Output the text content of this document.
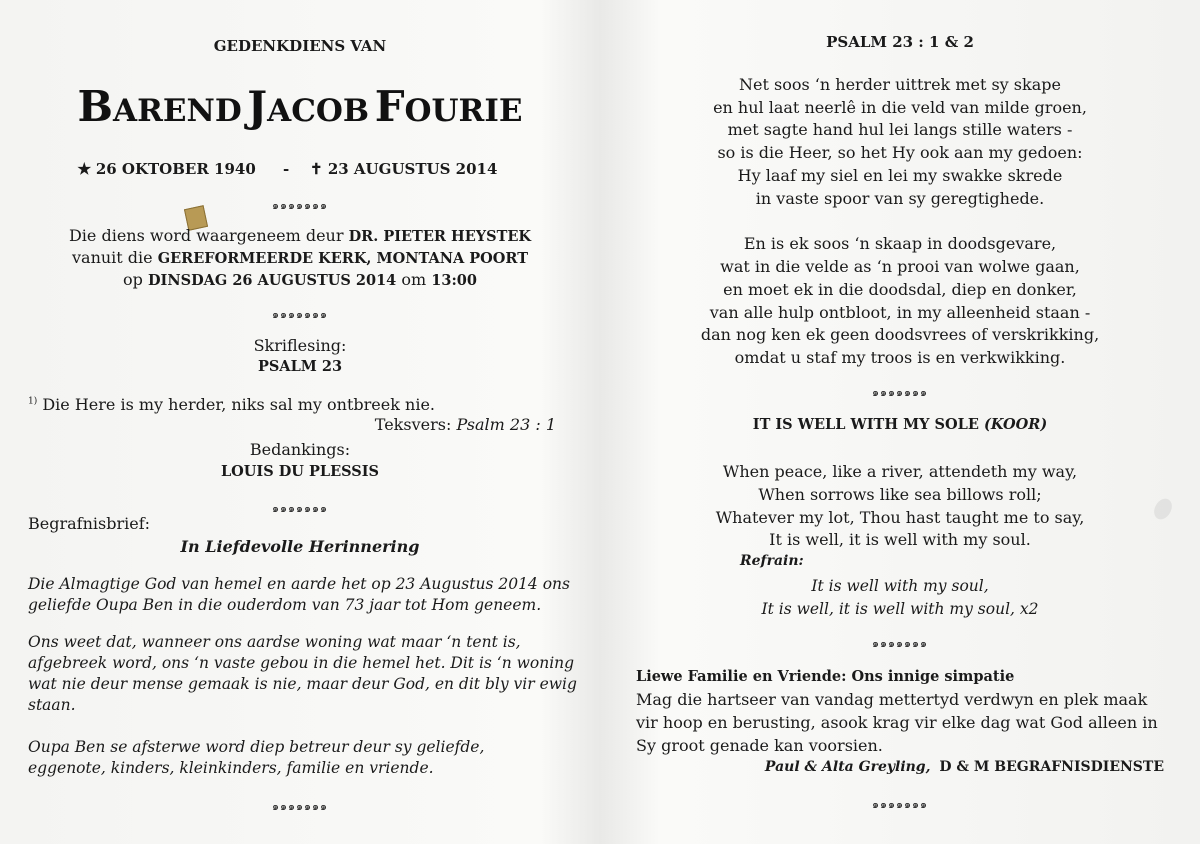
GEDENKDIENS VAN
BAREND JACOB FOURIE
✭ 26 OKTOBER 1940 - ✝ 23 AUGUSTUS 2014
๑๑๑๑๑๑๑
Die diens word waargeneem deur DR. PIETER HEYSTEK
vanuit die GEREFORMEERDE KERK, MONTANA POORT
op DINSDAG 26 AUGUSTUS 2014 om 13:00
๑๑๑๑๑๑๑
Skriflesing:
PSALM 23
$^{1)}$ Die Here is my herder, niks sal my ontbreek nie.
Teksvers: Psalm 23 : 1
Bedankings:
LOUIS DU PLESSIS
๑๑๑๑๑๑๑
Begrafnisbrief:
In Liefdevolle Herinnering
Die Almagtige God van hemel en aarde het op 23 Augustus 2014 ons
geliefde Oupa Ben in die ouderdom van 73 jaar tot Hom geneem.
Ons weet dat, wanneer ons aardse woning wat maar ‘n tent is,
afgebreek word, ons ‘n vaste gebou in die hemel het. Dit is ‘n woning
wat nie deur mense gemaak is nie, maar deur God, en dit bly vir ewig
staan.
Oupa Ben se afsterwe word diep betreur deur sy geliefde,
eggenote, kinders, kleinkinders, familie en vriende.
๑๑๑๑๑๑๑
PSALM 23 : 1 & 2
Net soos ‘n herder uittrek met sy skape
en hul laat neerlê in die veld van milde groen,
met sagte hand hul lei langs stille waters -
so is die Heer, so het Hy ook aan my gedoen:
Hy laaf my siel en lei my swakke skrede
in vaste spoor van sy geregtighede.
En is ek soos ‘n skaap in doodsgevare,
wat in die velde as ‘n prooi van wolwe gaan,
en moet ek in die doodsdal, diep en donker,
van alle hulp ontbloot, in my alleenheid staan -
dan nog ken ek geen doodsvrees of verskrikking,
omdat u staf my troos is en verkwikking.
๑๑๑๑๑๑๑
IT IS WELL WITH MY SOLE (KOOR)
When peace, like a river, attendeth my way,
When sorrows like sea billows roll;
Whatever my lot, Thou hast taught me to say,
It is well, it is well with my soul.
Refrain:
It is well with my soul,
It is well, it is well with my soul, x2
๑๑๑๑๑๑๑
Liewe Familie en Vriende: Ons innige simpatie
Mag die hartseer van vandag mettertyd verdwyn en plek maak
vir hoop en berusting, asook krag vir elke dag wat God alleen in
Sy groot genade kan voorsien.
Paul & Alta Greyling, D & M BEGRAFNISDIENSTE
๑๑๑๑๑๑๑
